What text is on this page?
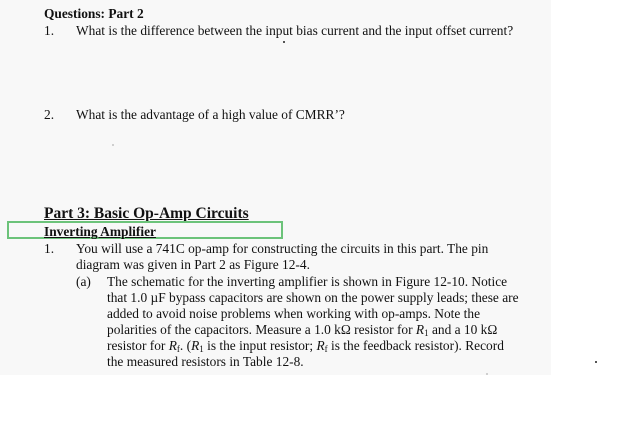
Questions: Part 2
1. What is the difference between the input bias current and the input offset current?
2. What is the advantage of a high value of CMRR’?
Part 3: Basic Op-Amp Circuits
Inverting Amplifier
1. You will use a 741C op-amp for constructing the circuits in this part. The pin
diagram was given in Part 2 as Figure 12-4.
(a) The schematic for the inverting amplifier is shown in Figure 12-10. Notice
that 1.0 µF bypass capacitors are shown on the power supply leads; these are
added to avoid noise problems when working with op-amps. Note the
polarities of the capacitors. Measure a 1.0 kΩ resistor for $R_1$ and a 10 kΩ
resistor for $R_f$. ($R_1$ is the input resistor; $R_f$ is the feedback resistor). Record
the measured resistors in Table 12-8.
